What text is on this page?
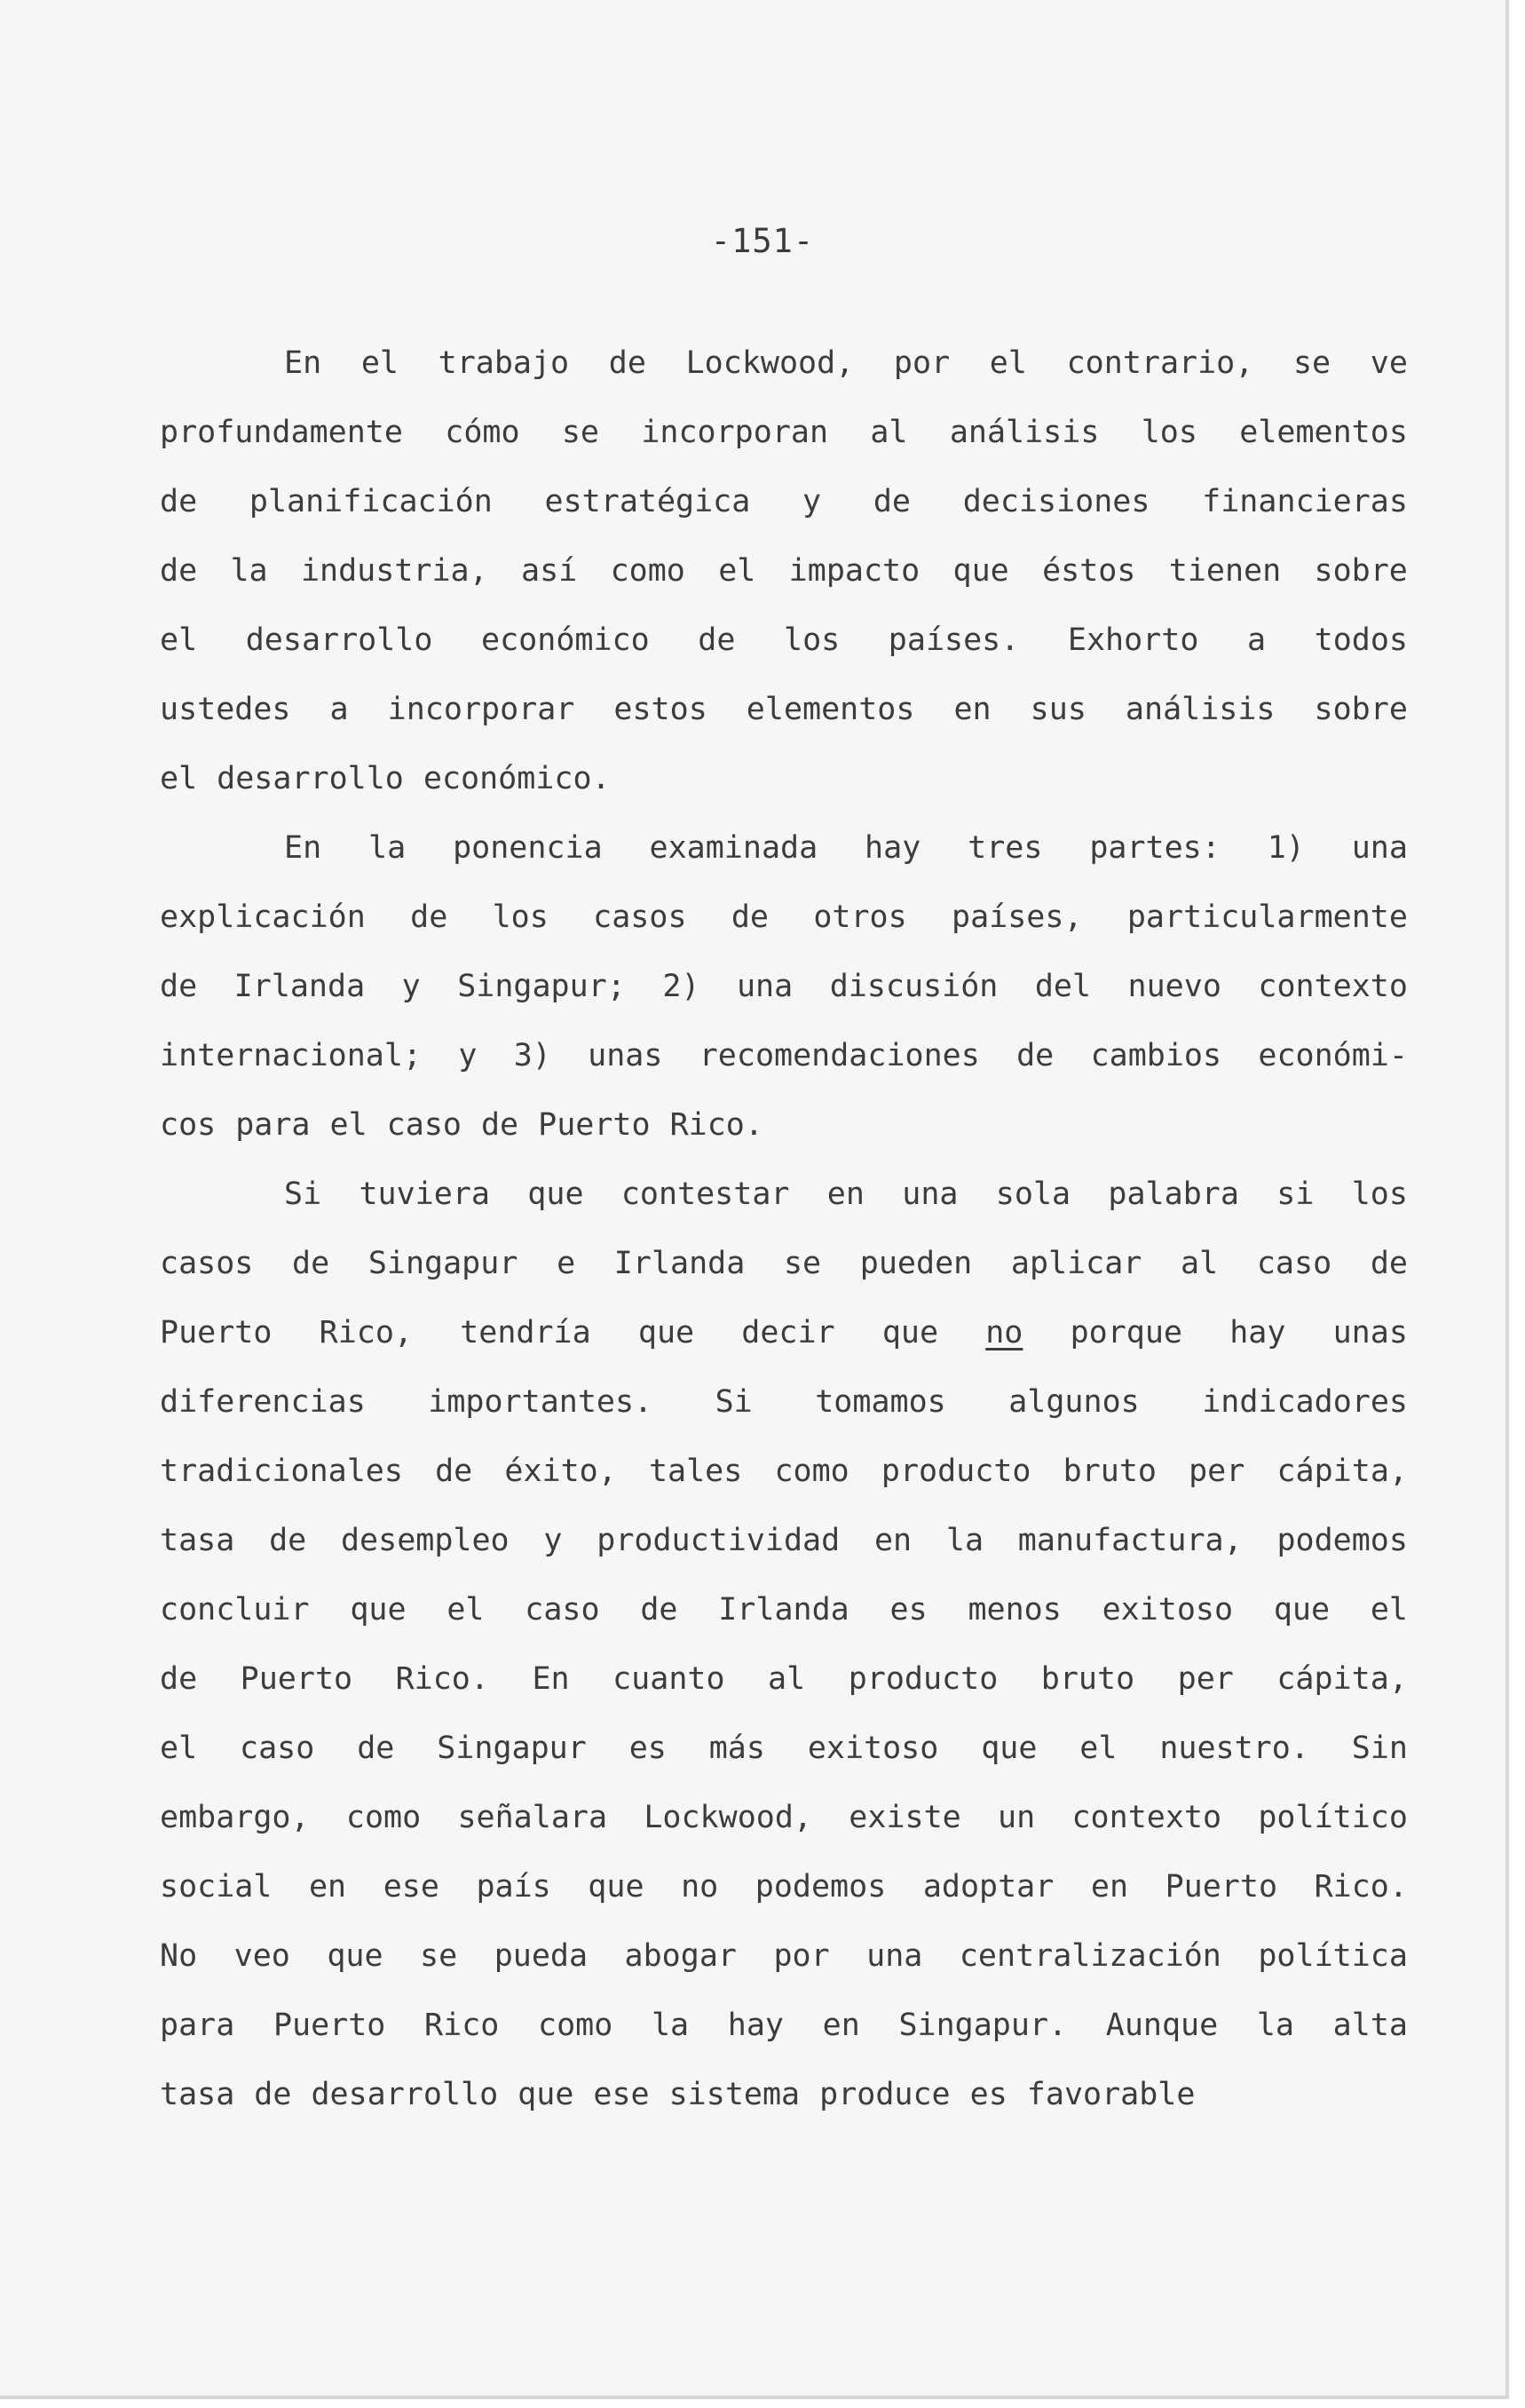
-151-
En el trabajo de Lockwood, por el contrario, se ve
profundamente cómo se incorporan al análisis los elementos
de planificación estratégica y de decisiones financieras
de la industria, así como el impacto que éstos tienen sobre
el desarrollo económico de los países. Exhorto a todos
ustedes a incorporar estos elementos en sus análisis sobre
el desarrollo económico.
En la ponencia examinada hay tres partes: 1) una
explicación de los casos de otros países, particularmente
de Irlanda y Singapur; 2) una discusión del nuevo contexto
internacional; y 3) unas recomendaciones de cambios económi-
cos para el caso de Puerto Rico.
Si tuviera que contestar en una sola palabra si los
casos de Singapur e Irlanda se pueden aplicar al caso de
Puerto Rico, tendría que decir que no porque hay unas
diferencias importantes. Si tomamos algunos indicadores
tradicionales de éxito, tales como producto bruto per cápita,
tasa de desempleo y productividad en la manufactura, podemos
concluir que el caso de Irlanda es menos exitoso que el
de Puerto Rico. En cuanto al producto bruto per cápita,
el caso de Singapur es más exitoso que el nuestro. Sin
embargo, como señalara Lockwood, existe un contexto político
social en ese país que no podemos adoptar en Puerto Rico.
No veo que se pueda abogar por una centralización política
para Puerto Rico como la hay en Singapur. Aunque la alta
tasa de desarrollo que ese sistema produce es favorable
